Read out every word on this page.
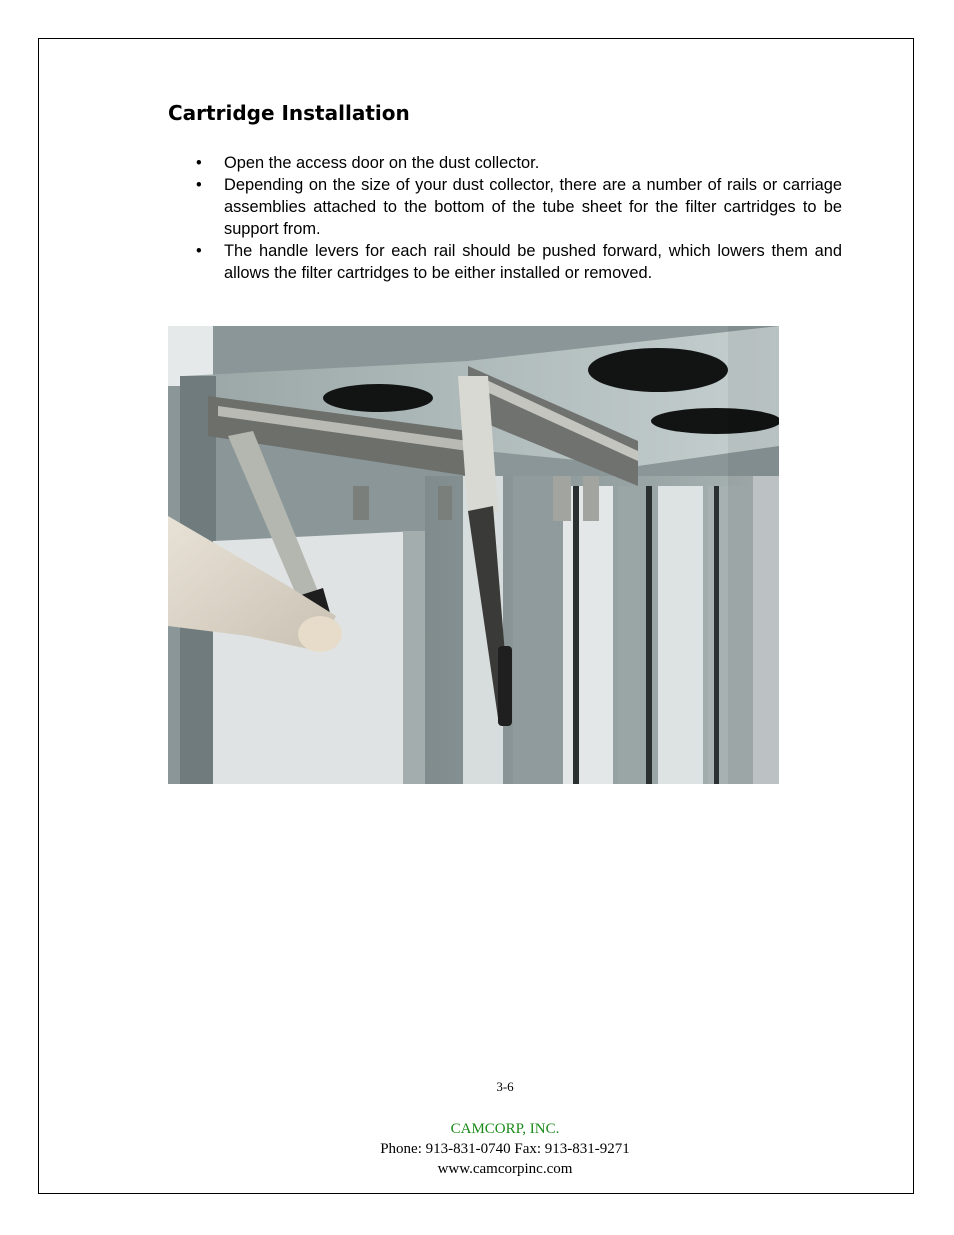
Cartridge Installation
• Open the access door on the dust collector.
• Depending on the size of your dust collector, there are a number of rails or carriage assemblies attached to the bottom of the tube sheet for the filter cartridges to be support from.
• The handle levers for each rail should be pushed forward, which lowers them and allows the filter cartridges to be either installed or removed.
3-6
CAMCORP, INC.
Phone: 913-831-0740 Fax: 913-831-9271
www.camcorpinc.com
